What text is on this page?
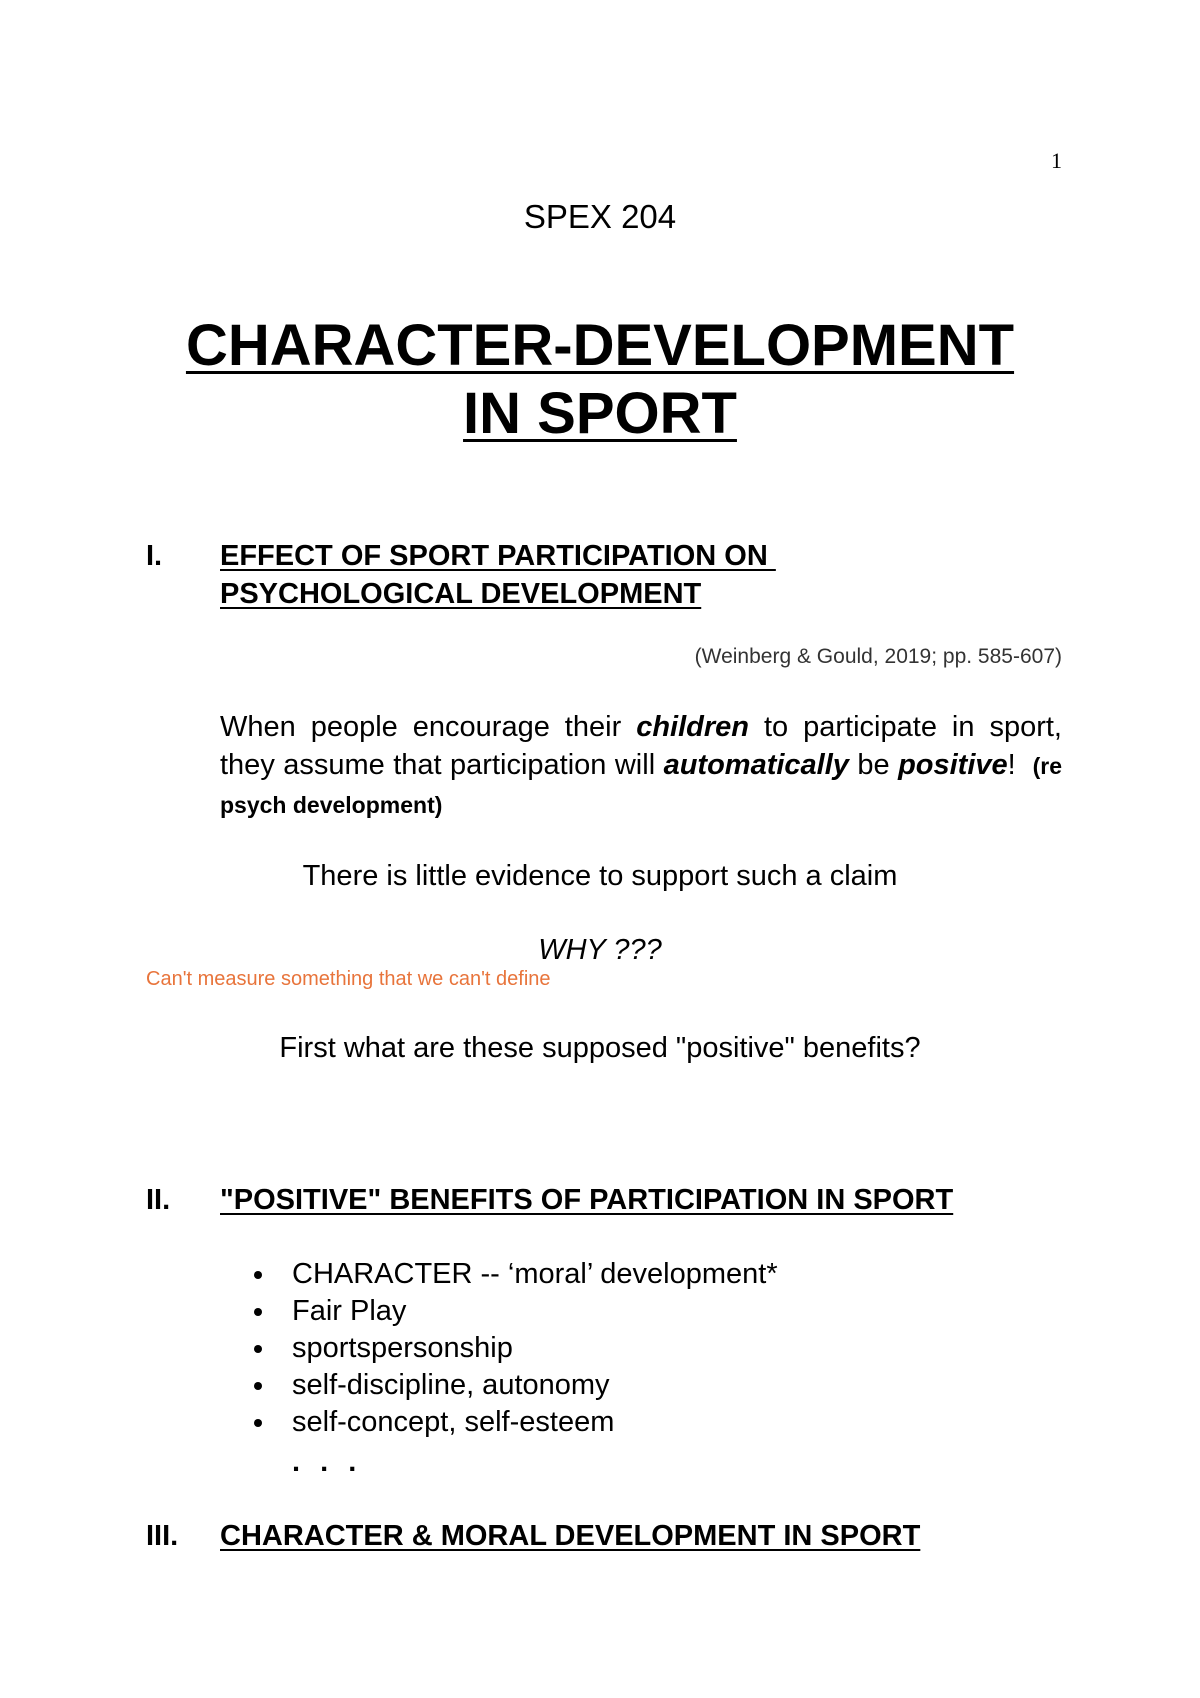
1
SPEX 204
CHARACTER-DEVELOPMENT
IN SPORT
I. EFFECT OF SPORT PARTICIPATION ON
PSYCHOLOGICAL DEVELOPMENT
(Weinberg & Gould, 2019; pp. 585-607)
When people encourage their children to participate in sport, they assume that participation will automatically be positive!  (re psych development)
There is little evidence to support such a claim
WHY ???
Can't measure something that we can't define
First what are these supposed "positive" benefits?
II. "POSITIVE" BENEFITS OF PARTICIPATION IN SPORT
CHARACTER -- ‘moral’ development*
Fair Play
sportspersonship
self-discipline, autonomy
self-concept, self-esteem
. . .
III. CHARACTER & MORAL DEVELOPMENT IN SPORT
